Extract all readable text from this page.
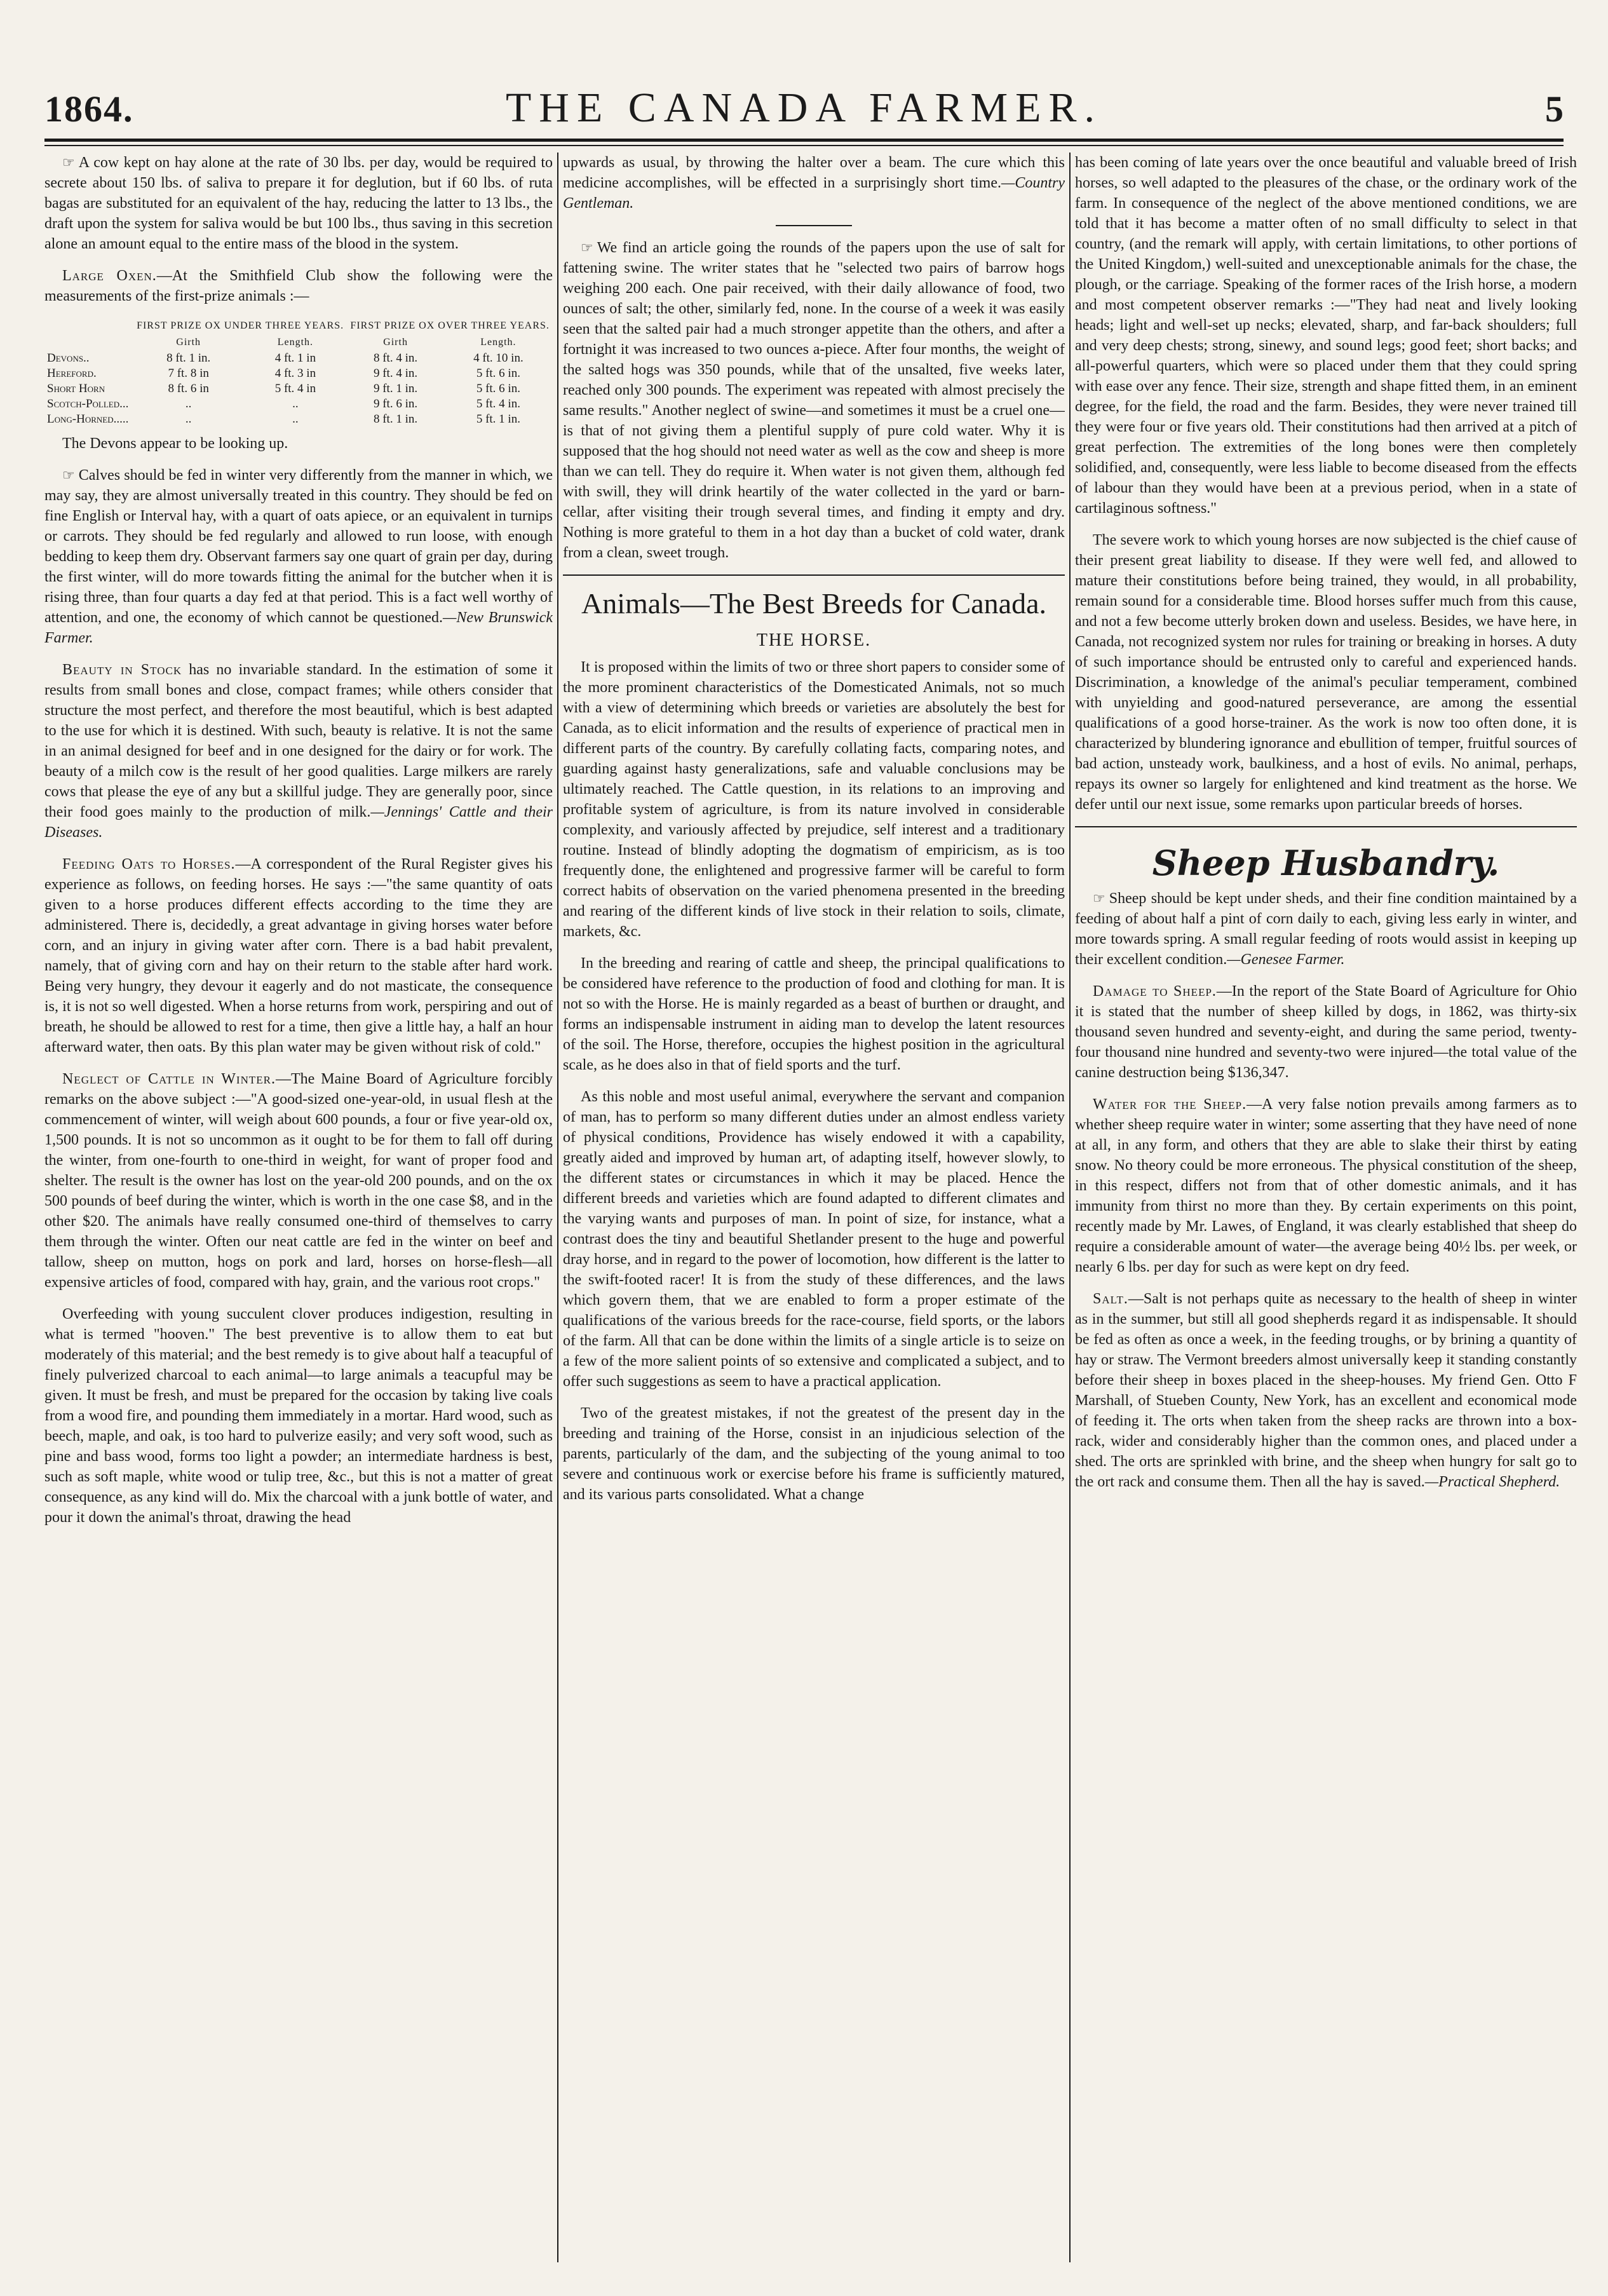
1864.	THE CANADA FARMER.	5

☞ A cow kept on hay alone at the rate of 30 lbs. per day, would be required to secrete about 150 lbs. of saliva to prepare it for deglution, but if 60 lbs. of ruta bagas are substituted for an equivalent of the hay, reducing the latter to 13 lbs., the draft upon the system for saliva would be but 100 lbs., thus saving in this secretion alone an amount equal to the entire mass of the blood in the system.

Large Oxen.—At the Smithfield Club show the following were the measurements of the first-prize animals :—

	FIRST PRIZE OX UNDER THREE YEARS.		FIRST PRIZE OX OVER THREE YEARS.	
	Girth	Length.	Girth	Length.
Devons..	8 ft. 1 in.	4 ft. 1 in	8 ft. 4 in.	4 ft. 10 in.
Hereford.	7 ft. 8 in	4 ft. 3 in	9 ft. 4 in.	5 ft. 6 in.
Short Horn	8 ft. 6 in	5 ft. 4 in	9 ft. 1 in.	5 ft. 6 in.
Scotch-Polled...	..	..	9 ft. 6 in.	5 ft. 4 in.
Long-Horned.....	..	..	8 ft. 1 in.	5 ft. 1 in.

The Devons appear to be looking up.

☞ Calves should be fed in winter very differently from the manner in which, we may say, they are almost universally treated in this country. They should be fed on fine English or Interval hay, with a quart of oats apiece, or an equivalent in turnips or carrots. They should be fed regularly and allowed to run loose, with enough bedding to keep them dry. Observant farmers say one quart of grain per day, during the first winter, will do more towards fitting the animal for the butcher when it is rising three, than four quarts a day fed at that period. This is a fact well worthy of attention, and one, the economy of which cannot be questioned.—New Brunswick Farmer.

Beauty in Stock has no invariable standard. In the estimation of some it results from small bones and close, compact frames; while others consider that structure the most perfect, and therefore the most beautiful, which is best adapted to the use for which it is destined. With such, beauty is relative. It is not the same in an animal designed for beef and in one designed for the dairy or for work. The beauty of a milch cow is the result of her good qualities. Large milkers are rarely cows that please the eye of any but a skillful judge. They are generally poor, since their food goes mainly to the production of milk.—Jennings' Cattle and their Diseases.

Feeding Oats to Horses.—A correspondent of the Rural Register gives his experience as follows, on feeding horses. He says :—"the same quantity of oats given to a horse produces different effects according to the time they are administered. There is, decidedly, a great advantage in giving horses water before corn, and an injury in giving water after corn. There is a bad habit prevalent, namely, that of giving corn and hay on their return to the stable after hard work. Being very hungry, they devour it eagerly and do not masticate, the consequence is, it is not so well digested. When a horse returns from work, perspiring and out of breath, he should be allowed to rest for a time, then give a little hay, a half an hour afterward water, then oats. By this plan water may be given without risk of cold."

Neglect of Cattle in Winter.—The Maine Board of Agriculture forcibly remarks on the above subject :—"A good-sized one-year-old, in usual flesh at the commencement of winter, will weigh about 600 pounds, a four or five year-old ox, 1,500 pounds. It is not so uncommon as it ought to be for them to fall off during the winter, from one-fourth to one-third in weight, for want of proper food and shelter. The result is the owner has lost on the year-old 200 pounds, and on the ox 500 pounds of beef during the winter, which is worth in the one case $8, and in the other $20. The animals have really consumed one-third of themselves to carry them through the winter. Often our neat cattle are fed in the winter on beef and tallow, sheep on mutton, hogs on pork and lard, horses on horse-flesh—all expensive articles of food, compared with hay, grain, and the various root crops."

Overfeeding with young succulent clover produces indigestion, resulting in what is termed "hooven." The best preventive is to allow them to eat but moderately of this material; and the best remedy is to give about half a teacupful of finely pulverized charcoal to each animal—to large animals a teacupful may be given. It must be fresh, and must be prepared for the occasion by taking live coals from a wood fire, and pounding them immediately in a mortar. Hard wood, such as beech, maple, and oak, is too hard to pulverize easily; and very soft wood, such as pine and bass wood, forms too light a powder; an intermediate hardness is best, such as soft maple, white wood or tulip tree, &c., but this is not a matter of great consequence, as any kind will do. Mix the charcoal with a junk bottle of water, and pour it down the animal's throat, drawing the head

upwards as usual, by throwing the halter over a beam. The cure which this medicine accomplishes, will be effected in a surprisingly short time.—Country Gentleman.

☞ We find an article going the rounds of the papers upon the use of salt for fattening swine. The writer states that he "selected two pairs of barrow hogs weighing 200 each. One pair received, with their daily allowance of food, two ounces of salt; the other, similarly fed, none. In the course of a week it was easily seen that the salted pair had a much stronger appetite than the others, and after a fortnight it was increased to two ounces a-piece. After four months, the weight of the salted hogs was 350 pounds, while that of the unsalted, five weeks later, reached only 300 pounds. The experiment was repeated with almost precisely the same results." Another neglect of swine—and sometimes it must be a cruel one—is that of not giving them a plentiful supply of pure cold water. Why it is supposed that the hog should not need water as well as the cow and sheep is more than we can tell. They do require it. When water is not given them, although fed with swill, they will drink heartily of the water collected in the yard or barn-cellar, after visiting their trough several times, and finding it empty and dry. Nothing is more grateful to them in a hot day than a bucket of cold water, drank from a clean, sweet trough.

Animals—The Best Breeds for Canada.
THE HORSE.

It is proposed within the limits of two or three short papers to consider some of the more prominent characteristics of the Domesticated Animals, not so much with a view of determining which breeds or varieties are absolutely the best for Canada, as to elicit information and the results of experience of practical men in different parts of the country. By carefully collating facts, comparing notes, and guarding against hasty generalizations, safe and valuable conclusions may be ultimately reached. The Cattle question, in its relations to an improving and profitable system of agriculture, is from its nature involved in considerable complexity, and variously affected by prejudice, self interest and a traditionary routine. Instead of blindly adopting the dogmatism of empiricism, as is too frequently done, the enlightened and progressive farmer will be careful to form correct habits of observation on the varied phenomena presented in the breeding and rearing of the different kinds of live stock in their relation to soils, climate, markets, &c.

In the breeding and rearing of cattle and sheep, the principal qualifications to be considered have reference to the production of food and clothing for man. It is not so with the Horse. He is mainly regarded as a beast of burthen or draught, and forms an indispensable instrument in aiding man to develop the latent resources of the soil. The Horse, therefore, occupies the highest position in the agricultural scale, as he does also in that of field sports and the turf.

As this noble and most useful animal, everywhere the servant and companion of man, has to perform so many different duties under an almost endless variety of physical conditions, Providence has wisely endowed it with a capability, greatly aided and improved by human art, of adapting itself, however slowly, to the different states or circumstances in which it may be placed. Hence the different breeds and varieties which are found adapted to different climates and the varying wants and purposes of man. In point of size, for instance, what a contrast does the tiny and beautiful Shetlander present to the huge and powerful dray horse, and in regard to the power of locomotion, how different is the latter to the swift-footed racer! It is from the study of these differences, and the laws which govern them, that we are enabled to form a proper estimate of the qualifications of the various breeds for the race-course, field sports, or the labors of the farm. All that can be done within the limits of a single article is to seize on a few of the more salient points of so extensive and complicated a subject, and to offer such suggestions as seem to have a practical application.

Two of the greatest mistakes, if not the greatest of the present day in the breeding and training of the Horse, consist in an injudicious selection of the parents, particularly of the dam, and the subjecting of the young animal to too severe and continuous work or exercise before his frame is sufficiently matured, and its various parts consolidated. What a change

has been coming of late years over the once beautiful and valuable breed of Irish horses, so well adapted to the pleasures of the chase, or the ordinary work of the farm. In consequence of the neglect of the above mentioned conditions, we are told that it has become a matter often of no small difficulty to select in that country, (and the remark will apply, with certain limitations, to other portions of the United Kingdom,) well-suited and unexceptionable animals for the chase, the plough, or the carriage. Speaking of the former races of the Irish horse, a modern and most competent observer remarks :—"They had neat and lively looking heads; light and well-set up necks; elevated, sharp, and far-back shoulders; full and very deep chests; strong, sinewy, and sound legs; good feet; short backs; and all-powerful quarters, which were so placed under them that they could spring with ease over any fence. Their size, strength and shape fitted them, in an eminent degree, for the field, the road and the farm. Besides, they were never trained till they were four or five years old. Their constitutions had then arrived at a pitch of great perfection. The extremities of the long bones were then completely solidified, and, consequently, were less liable to become diseased from the effects of labour than they would have been at a previous period, when in a state of cartilaginous softness."

The severe work to which young horses are now subjected is the chief cause of their present great liability to disease. If they were well fed, and allowed to mature their constitutions before being trained, they would, in all probability, remain sound for a considerable time. Blood horses suffer much from this cause, and not a few become utterly broken down and useless. Besides, we have here, in Canada, not recognized system nor rules for training or breaking in horses. A duty of such importance should be entrusted only to careful and experienced hands. Discrimination, a knowledge of the animal's peculiar temperament, combined with unyielding and good-natured perseverance, are among the essential qualifications of a good horse-trainer. As the work is now too often done, it is characterized by blundering ignorance and ebullition of temper, fruitful sources of bad action, unsteady work, baulkiness, and a host of evils. No animal, perhaps, repays its owner so largely for enlightened and kind treatment as the horse. We defer until our next issue, some remarks upon particular breeds of horses.

Sheep Husbandry.

☞ Sheep should be kept under sheds, and their fine condition maintained by a feeding of about half a pint of corn daily to each, giving less early in winter, and more towards spring. A small regular feeding of roots would assist in keeping up their excellent condition.—Genesee Farmer.

Damage to Sheep.—In the report of the State Board of Agriculture for Ohio it is stated that the number of sheep killed by dogs, in 1862, was thirty-six thousand seven hundred and seventy-eight, and during the same period, twenty-four thousand nine hundred and seventy-two were injured—the total value of the canine destruction being $136,347.

Water for the Sheep.—A very false notion prevails among farmers as to whether sheep require water in winter; some asserting that they have need of none at all, in any form, and others that they are able to slake their thirst by eating snow. No theory could be more erroneous. The physical constitution of the sheep, in this respect, differs not from that of other domestic animals, and it has immunity from thirst no more than they. By certain experiments on this point, recently made by Mr. Lawes, of England, it was clearly established that sheep do require a considerable amount of water—the average being 40½ lbs. per week, or nearly 6 lbs. per day for such as were kept on dry feed.

Salt.—Salt is not perhaps quite as necessary to the health of sheep in winter as in the summer, but still all good shepherds regard it as indispensable. It should be fed as often as once a week, in the feeding troughs, or by brining a quantity of hay or straw. The Vermont breeders almost universally keep it standing constantly before their sheep in boxes placed in the sheep-houses. My friend Gen. Otto F Marshall, of Stueben County, New York, has an excellent and economical mode of feeding it. The orts when taken from the sheep racks are thrown into a box-rack, wider and considerably higher than the common ones, and placed under a shed. The orts are sprinkled with brine, and the sheep when hungry for salt go to the ort rack and consume them. Then all the hay is saved.—Practical Shepherd.
